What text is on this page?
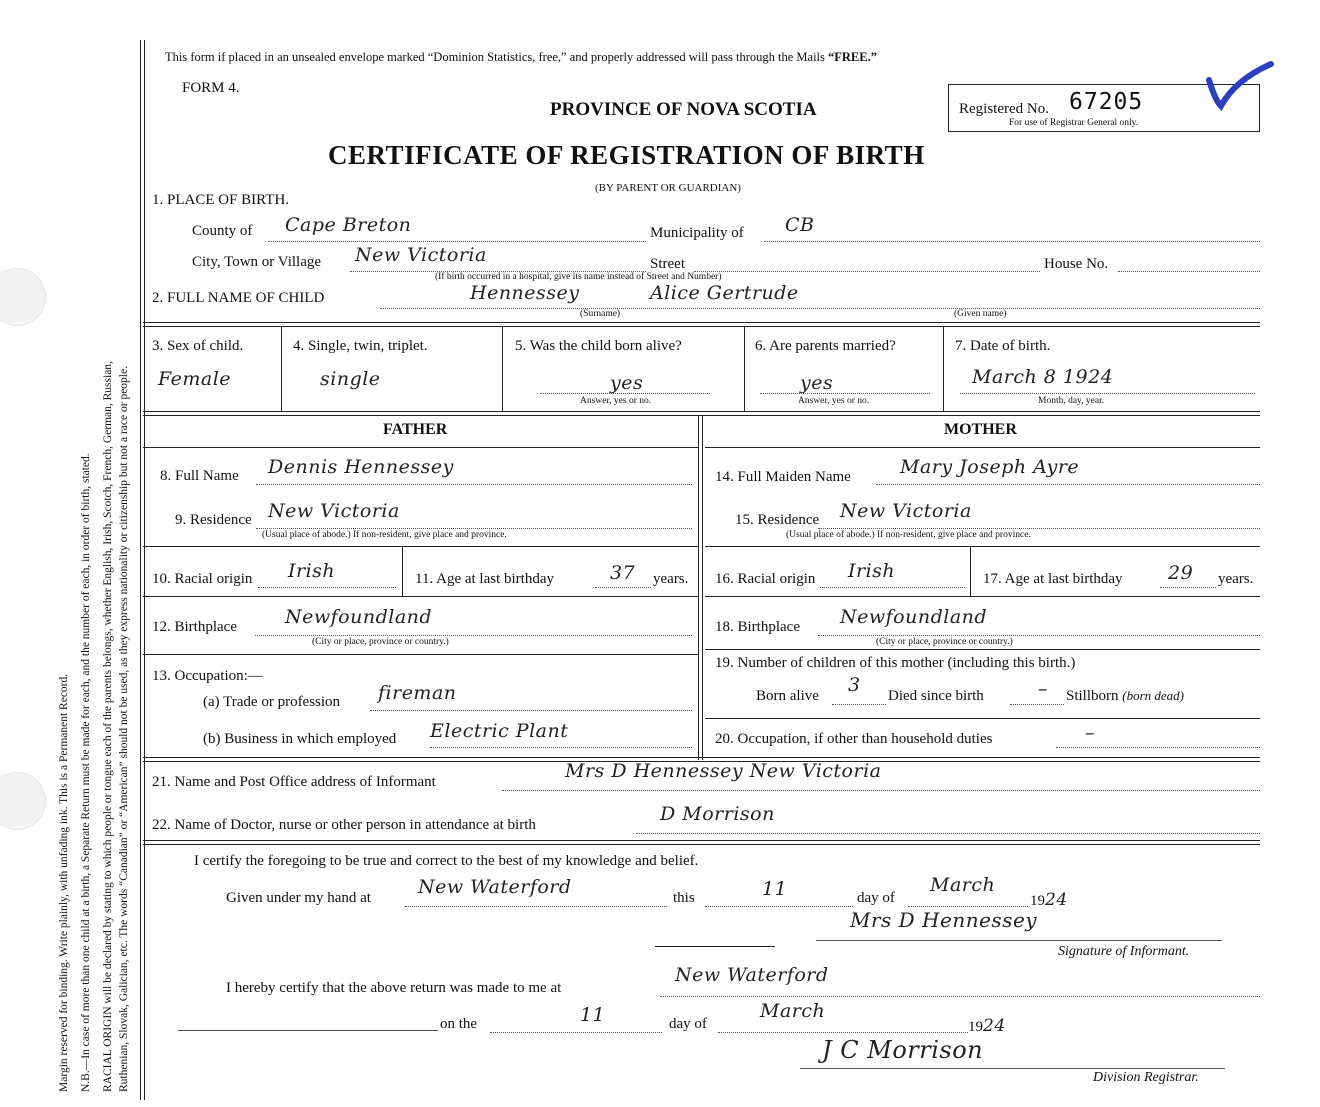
Margin reserved for binding. Write plainly, with unfading ink. This is a Permanent Record. N.B.—In case of more than one child at a birth, a Separate Return must be made for each, and the number of each, in order of birth, stated. RACIAL ORIGIN will be declared by stating to which people or tongue each of the parents belongs, whether English, Irish, Scotch, French, German, Russian, Ruthenian, Slovak, Galician, etc. The words “Canadian” or “American” should not be used, as they express nationality or citizenship but not a race or people.
This form if placed in an unsealed envelope marked “Dominion Statistics, free,” and properly addressed will pass through the Mails “FREE.”
FORM 4.
PROVINCE OF NOVA SCOTIA
CERTIFICATE OF REGISTRATION OF BIRTH
(BY PARENT OR GUARDIAN)
Registered No. 67205
For use of Registrar General only.
1. PLACE OF BIRTH.
County of Cape Breton	Municipality of CB
City, Town or Village New Victoria	Street	House No.
(If birth occurred in a hospital, give its name instead of Street and Number)
2. FULL NAME OF CHILD	Hennessey	Alice Gertrude
(Surname)	(Given name)
3. Sex of child.
Female
4. Single, twin, triplet.
single
5. Was the child born alive?
yes
Answer, yes or no.
6. Are parents married?
yes
Answer, yes or no.
7. Date of birth.
March 8 1924
Month, day, year.
FATHER	MOTHER
8. Full Name Dennis Hennessey
9. Residence New Victoria
(Usual place of abode.) If non-resident, give place and province.
10. Racial origin Irish	11. Age at last birthday	37 years.
12. Birthplace	Newfoundland
(City or place, province or country.)
13. Occupation:—
(a) Trade or profession fireman
(b) Business in which employed Electric Plant
14. Full Maiden Name	Mary Joseph Ayre
15. Residence New Victoria
(Usual place of abode.) If non-resident, give place and province.
16. Racial origin Irish	17. Age at last birthday 29 years.
18. Birthplace Newfoundland
(City or place, province or country.)
19. Number of children of this mother (including this birth.)
Born alive 3 Died since birth	– Stillborn (born dead)
20. Occupation, if other than household duties	–
21. Name and Post Office address of Informant	Mrs D Hennessey New Victoria
22. Name of Doctor, nurse or other person in attendance at birth	D Morrison
I certify the foregoing to be true and correct to the best of my knowledge and belief.
Given under my hand at New Waterford	this	11	day of
March
1924
Mrs D Hennessey
Signature of Informant.
I hereby certify that the above return was made to me at
New Waterford
on the	11	day of
March
1924
J C Morrison
Division Registrar.
